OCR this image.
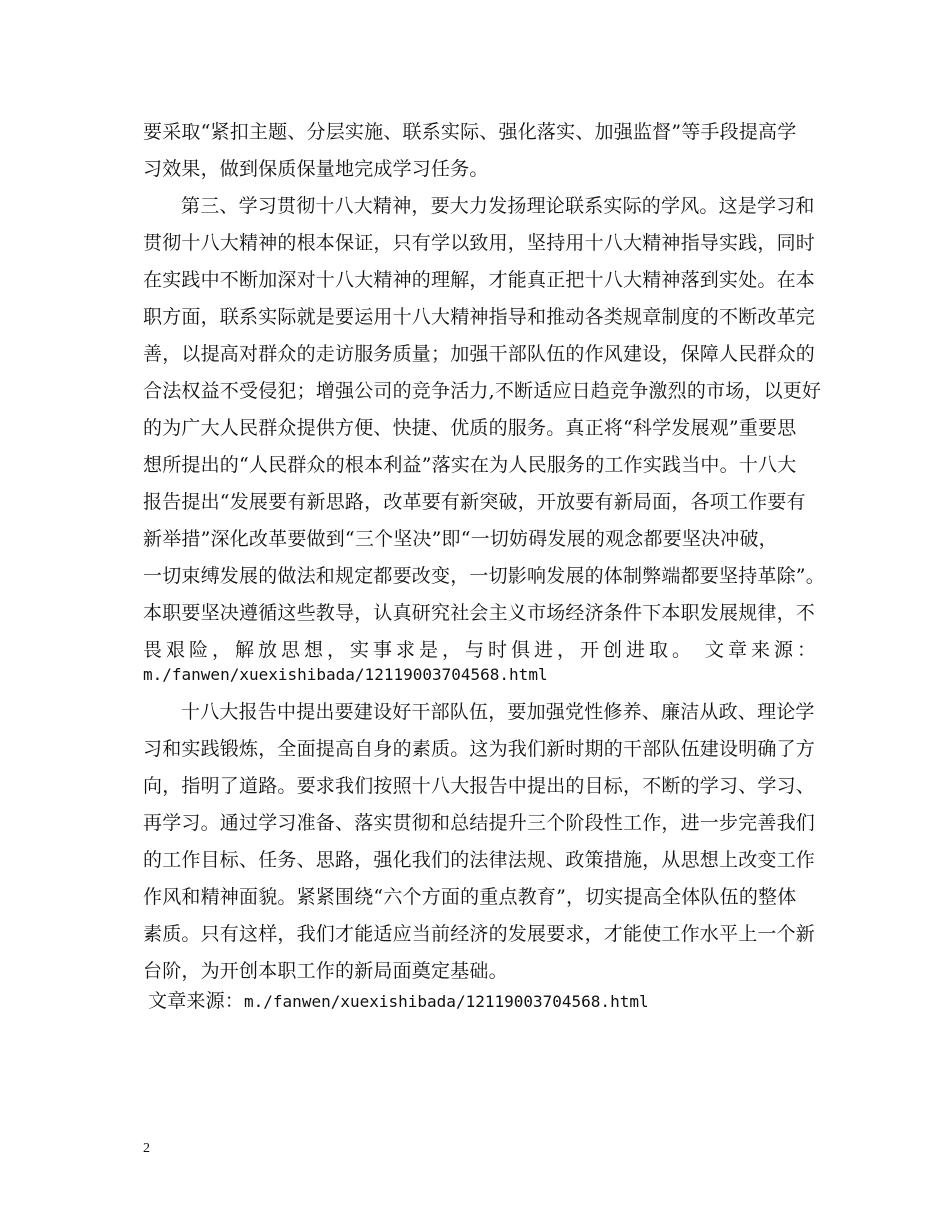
要采取“紧扣主题、分层实施、联系实际、强化落实、加强监督”等手段提高学
习效果，做到保质保量地完成学习任务。
第三、学习贯彻十八大精神，要大力发扬理论联系实际的学风。这是学习和
贯彻十八大精神的根本保证，只有学以致用，坚持用十八大精神指导实践，同时
在实践中不断加深对十八大精神的理解，才能真正把十八大精神落到实处。在本
职方面，联系实际就是要运用十八大精神指导和推动各类规章制度的不断改革完
善，以提高对群众的走访服务质量；加强干部队伍的作风建设，保障人民群众的
合法权益不受侵犯；增强公司的竞争活力,不断适应日趋竞争激烈的市场，以更好
的为广大人民群众提供方便、快捷、优质的服务。真正将“科学发展观”重要思
想所提出的“人民群众的根本利益”落实在为人民服务的工作实践当中。十八大
报告提出“发展要有新思路，改革要有新突破，开放要有新局面，各项工作要有
新举措”深化改革要做到“三个坚决”即“一切妨碍发展的观念都要坚决冲破，
一切束缚发展的做法和规定都要改变，一切影响发展的体制弊端都要坚持革除”。
本职要坚决遵循这些教导，认真研究社会主义市场经济条件下本职发展规律，不
畏艰险，解放思想，实事求是，与时俱进，开创进取。 文章来源：
m./fanwen/xuexishibada/12119003704568.html
十八大报告中提出要建设好干部队伍，要加强党性修养、廉洁从政、理论学
习和实践锻炼，全面提高自身的素质。这为我们新时期的干部队伍建设明确了方
向，指明了道路。要求我们按照十八大报告中提出的目标，不断的学习、学习、
再学习。通过学习准备、落实贯彻和总结提升三个阶段性工作，进一步完善我们
的工作目标、任务、思路，强化我们的法律法规、政策措施，从思想上改变工作
作风和精神面貌。紧紧围绕“六个方面的重点教育”，切实提高全体队伍的整体
素质。只有这样，我们才能适应当前经济的发展要求，才能使工作水平上一个新
台阶，为开创本职工作的新局面奠定基础。
文章来源：m./fanwen/xuexishibada/12119003704568.html
2
